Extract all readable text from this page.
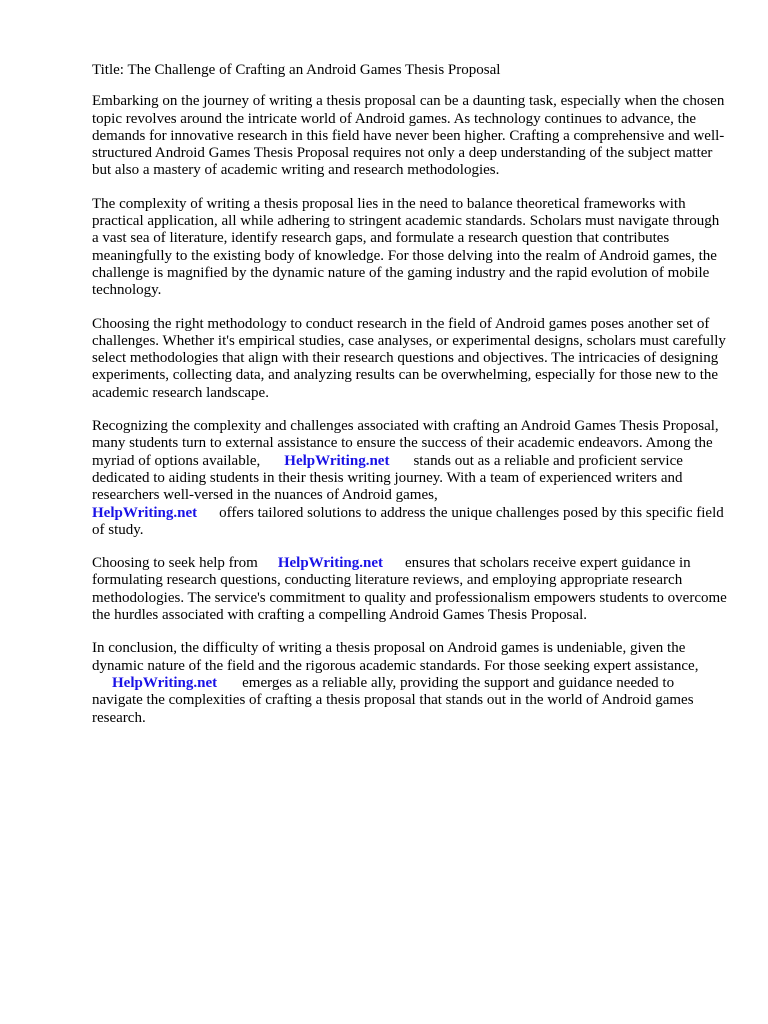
Title: The Challenge of Crafting an Android Games Thesis Proposal

Embarking on the journey of writing a thesis proposal can be a daunting task, especially when the chosen topic revolves around the intricate world of Android games. As technology continues to advance, the demands for innovative research in this field have never been higher. Crafting a comprehensive and well-structured Android Games Thesis Proposal requires not only a deep understanding of the subject matter but also a mastery of academic writing and research methodologies.

The complexity of writing a thesis proposal lies in the need to balance theoretical frameworks with practical application, all while adhering to stringent academic standards. Scholars must navigate through a vast sea of literature, identify research gaps, and formulate a research question that contributes meaningfully to the existing body of knowledge. For those delving into the realm of Android games, the challenge is magnified by the dynamic nature of the gaming industry and the rapid evolution of mobile technology.

Choosing the right methodology to conduct research in the field of Android games poses another set of challenges. Whether it's empirical studies, case analyses, or experimental designs, scholars must carefully select methodologies that align with their research questions and objectives. The intricacies of designing experiments, collecting data, and analyzing results can be overwhelming, especially for those new to the academic research landscape.

Recognizing the complexity and challenges associated with crafting an Android Games Thesis Proposal, many students turn to external assistance to ensure the success of their academic endeavors. Among the myriad of options available, HelpWriting.net stands out as a reliable and proficient service dedicated to aiding students in their thesis writing journey. With a team of experienced writers and researchers well-versed in the nuances of Android games,
HelpWriting.net offers tailored solutions to address the unique challenges posed by this specific field of study.

Choosing to seek help from HelpWriting.net ensures that scholars receive expert guidance in formulating research questions, conducting literature reviews, and employing appropriate research methodologies. The service's commitment to quality and professionalism empowers students to overcome the hurdles associated with crafting a compelling Android Games Thesis Proposal.

In conclusion, the difficulty of writing a thesis proposal on Android games is undeniable, given the dynamic nature of the field and the rigorous academic standards. For those seeking expert assistance,
HelpWriting.net emerges as a reliable ally, providing the support and guidance needed to navigate the complexities of crafting a thesis proposal that stands out in the world of Android games research.
